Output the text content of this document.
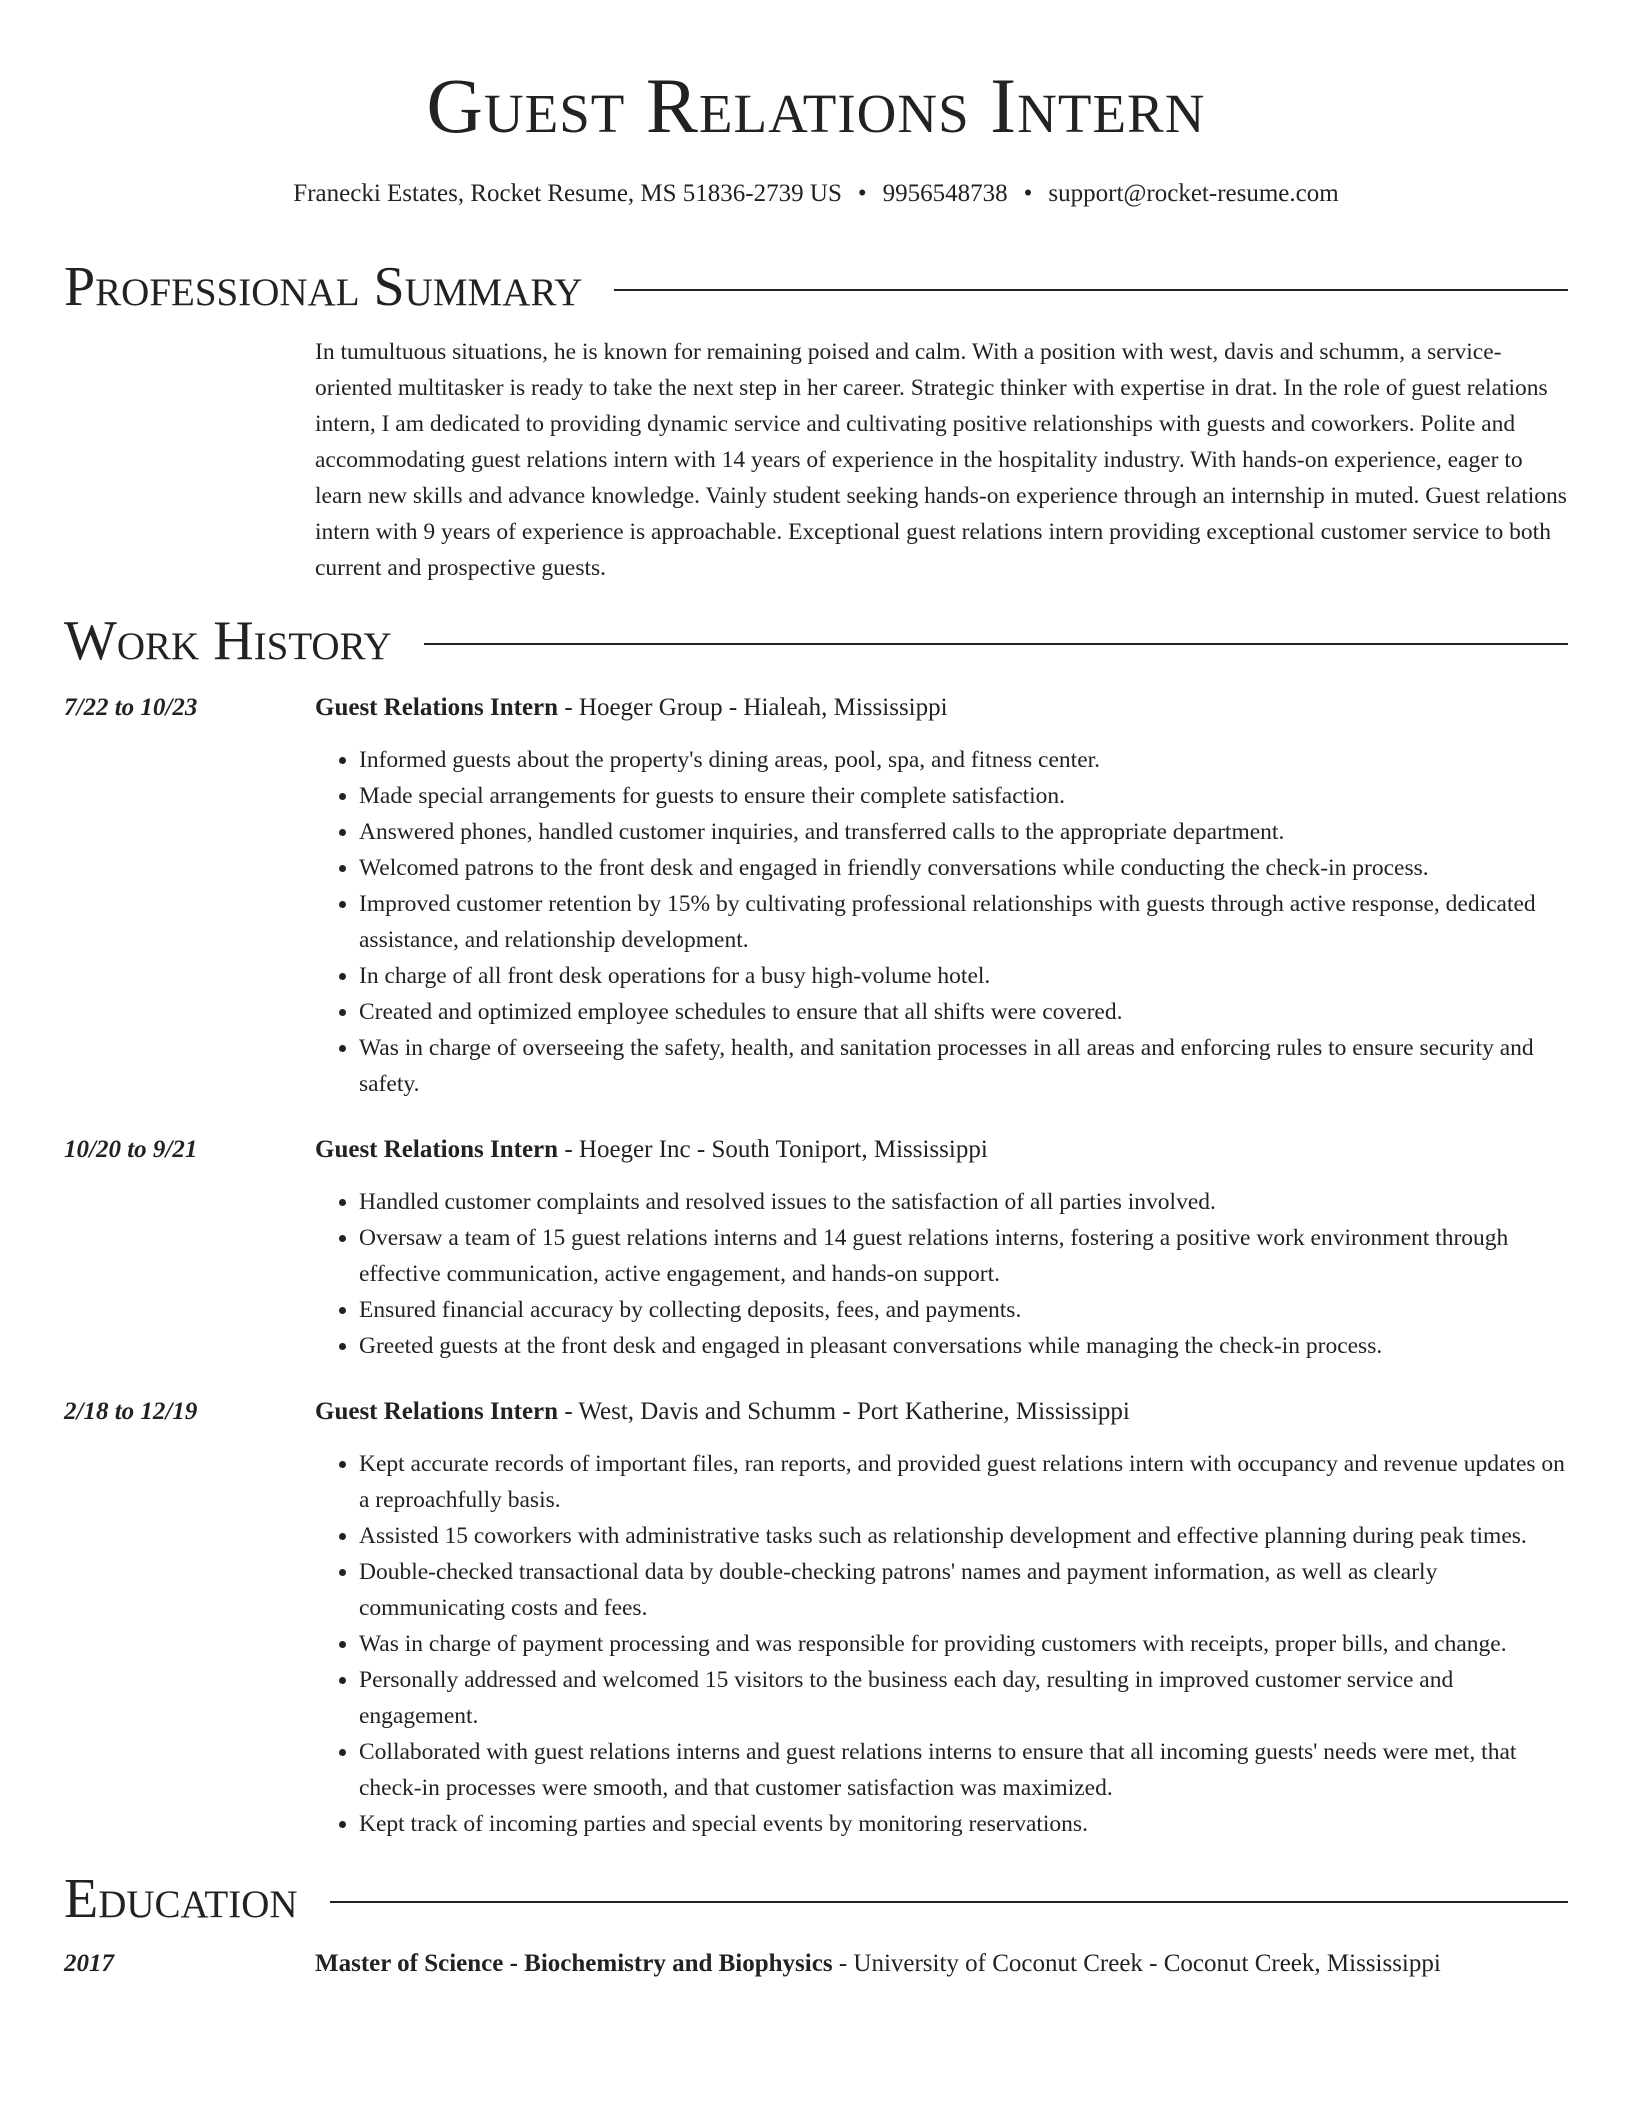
Guest Relations Intern
Franecki Estates, Rocket Resume, MS 51836-2739 US • 9956548738 • support@rocket-resume.com
Professional Summary
In tumultuous situations, he is known for remaining poised and calm. With a position with west, davis and schumm, a service-oriented multitasker is ready to take the next step in her career. Strategic thinker with expertise in drat. In the role of guest relations intern, I am dedicated to providing dynamic service and cultivating positive relationships with guests and coworkers. Polite and accommodating guest relations intern with 14 years of experience in the hospitality industry. With hands-on experience, eager to learn new skills and advance knowledge. Vainly student seeking hands-on experience through an internship in muted. Guest relations intern with 9 years of experience is approachable. Exceptional guest relations intern providing exceptional customer service to both current and prospective guests.
Work History
7/22 to 10/23	Guest Relations Intern - Hoeger Group - Hialeah, Mississippi
• Informed guests about the property's dining areas, pool, spa, and fitness center.
• Made special arrangements for guests to ensure their complete satisfaction.
• Answered phones, handled customer inquiries, and transferred calls to the appropriate department.
• Welcomed patrons to the front desk and engaged in friendly conversations while conducting the check-in process.
• Improved customer retention by 15% by cultivating professional relationships with guests through active response, dedicated assistance, and relationship development.
• In charge of all front desk operations for a busy high-volume hotel.
• Created and optimized employee schedules to ensure that all shifts were covered.
• Was in charge of overseeing the safety, health, and sanitation processes in all areas and enforcing rules to ensure security and safety.
10/20 to 9/21	Guest Relations Intern - Hoeger Inc - South Toniport, Mississippi
• Handled customer complaints and resolved issues to the satisfaction of all parties involved.
• Oversaw a team of 15 guest relations interns and 14 guest relations interns, fostering a positive work environment through effective communication, active engagement, and hands-on support.
• Ensured financial accuracy by collecting deposits, fees, and payments.
• Greeted guests at the front desk and engaged in pleasant conversations while managing the check-in process.
2/18 to 12/19	Guest Relations Intern - West, Davis and Schumm - Port Katherine, Mississippi
• Kept accurate records of important files, ran reports, and provided guest relations intern with occupancy and revenue updates on a reproachfully basis.
• Assisted 15 coworkers with administrative tasks such as relationship development and effective planning during peak times.
• Double-checked transactional data by double-checking patrons' names and payment information, as well as clearly communicating costs and fees.
• Was in charge of payment processing and was responsible for providing customers with receipts, proper bills, and change.
• Personally addressed and welcomed 15 visitors to the business each day, resulting in improved customer service and engagement.
• Collaborated with guest relations interns and guest relations interns to ensure that all incoming guests' needs were met, that check-in processes were smooth, and that customer satisfaction was maximized.
• Kept track of incoming parties and special events by monitoring reservations.
Education
2017	Master of Science - Biochemistry and Biophysics - University of Coconut Creek - Coconut Creek, Mississippi
